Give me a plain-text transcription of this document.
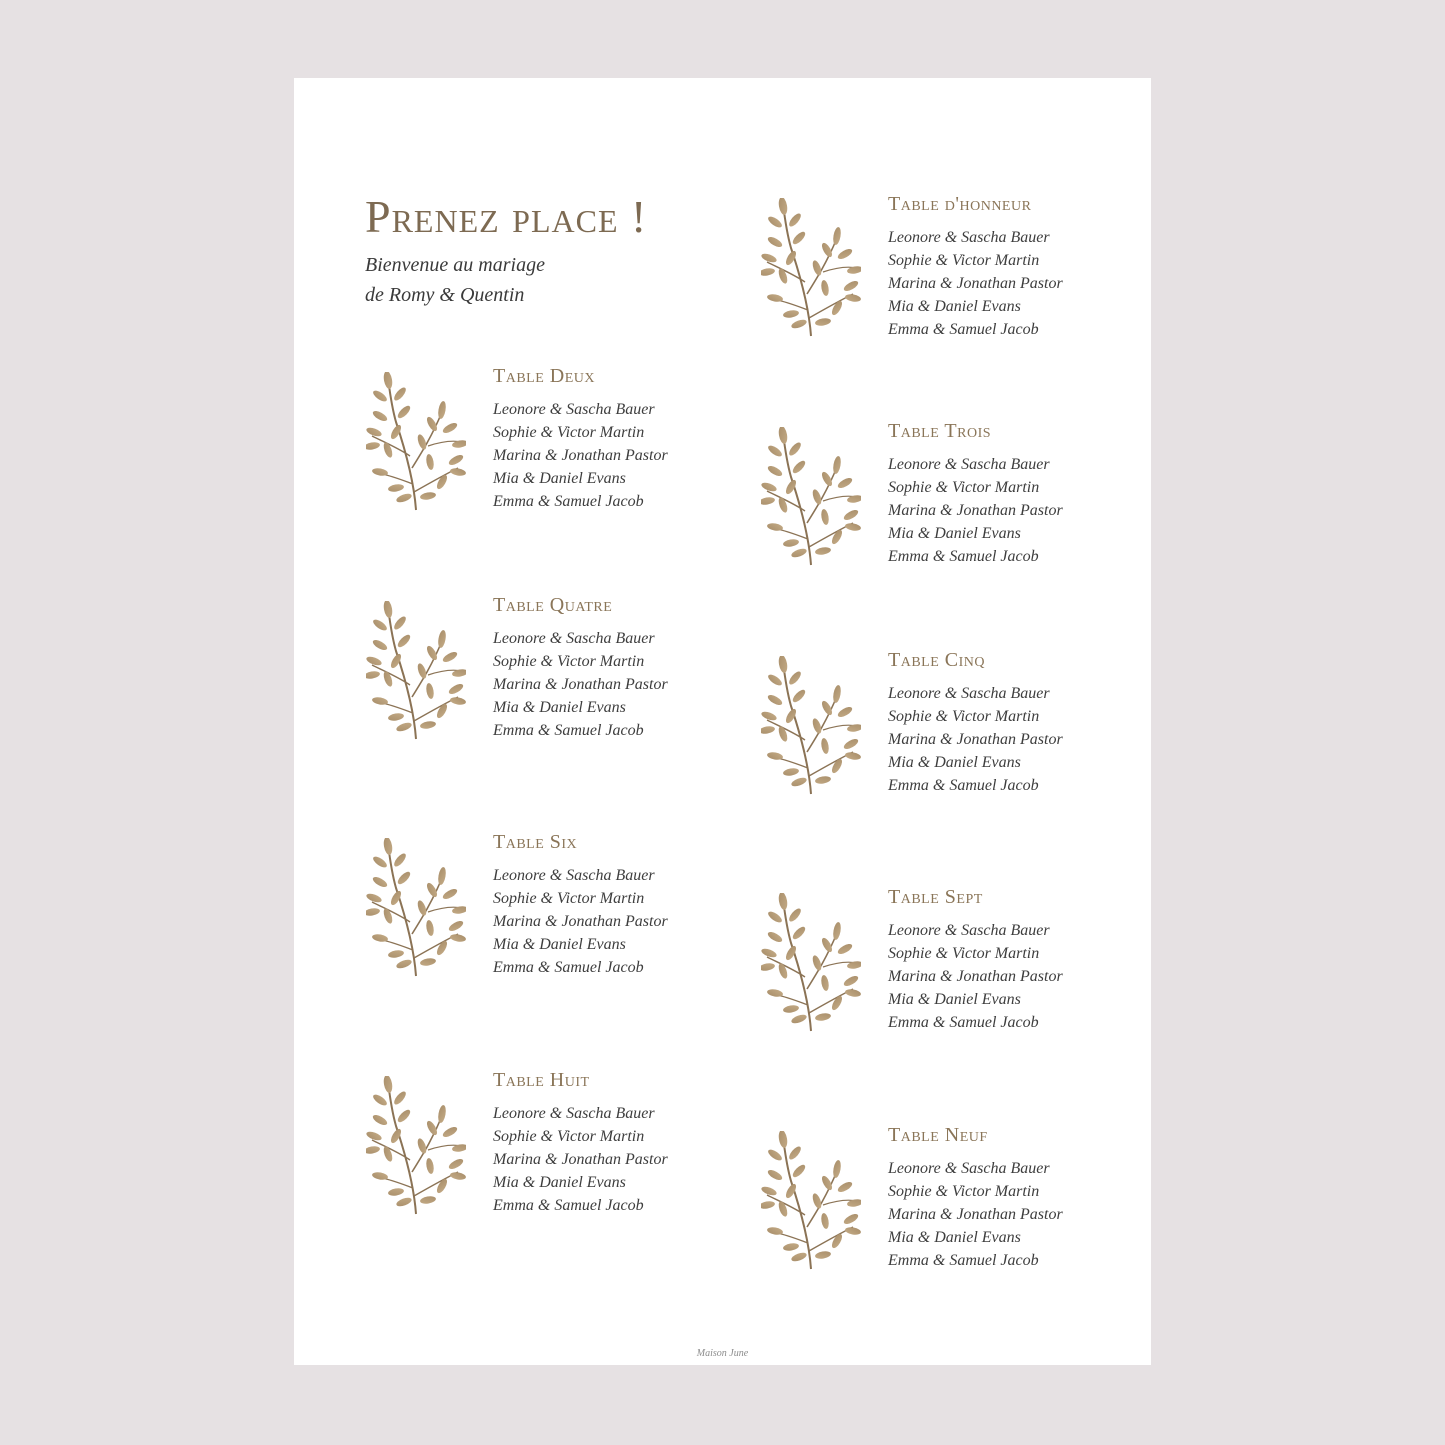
Prenez place !
Bienvenue au mariage
de Romy & Quentin
Table d'honneur
Leonore & Sascha Bauer
Sophie & Victor Martin
Marina & Jonathan Pastor
Mia & Daniel Evans
Emma & Samuel Jacob
Table Deux
Leonore & Sascha Bauer
Sophie & Victor Martin
Marina & Jonathan Pastor
Mia & Daniel Evans
Emma & Samuel Jacob
Table Trois
Leonore & Sascha Bauer
Sophie & Victor Martin
Marina & Jonathan Pastor
Mia & Daniel Evans
Emma & Samuel Jacob
Table Quatre
Leonore & Sascha Bauer
Sophie & Victor Martin
Marina & Jonathan Pastor
Mia & Daniel Evans
Emma & Samuel Jacob
Table Cinq
Leonore & Sascha Bauer
Sophie & Victor Martin
Marina & Jonathan Pastor
Mia & Daniel Evans
Emma & Samuel Jacob
Table Six
Leonore & Sascha Bauer
Sophie & Victor Martin
Marina & Jonathan Pastor
Mia & Daniel Evans
Emma & Samuel Jacob
Table Sept
Leonore & Sascha Bauer
Sophie & Victor Martin
Marina & Jonathan Pastor
Mia & Daniel Evans
Emma & Samuel Jacob
Table Huit
Leonore & Sascha Bauer
Sophie & Victor Martin
Marina & Jonathan Pastor
Mia & Daniel Evans
Emma & Samuel Jacob
Table Neuf
Leonore & Sascha Bauer
Sophie & Victor Martin
Marina & Jonathan Pastor
Mia & Daniel Evans
Emma & Samuel Jacob
Maison June
